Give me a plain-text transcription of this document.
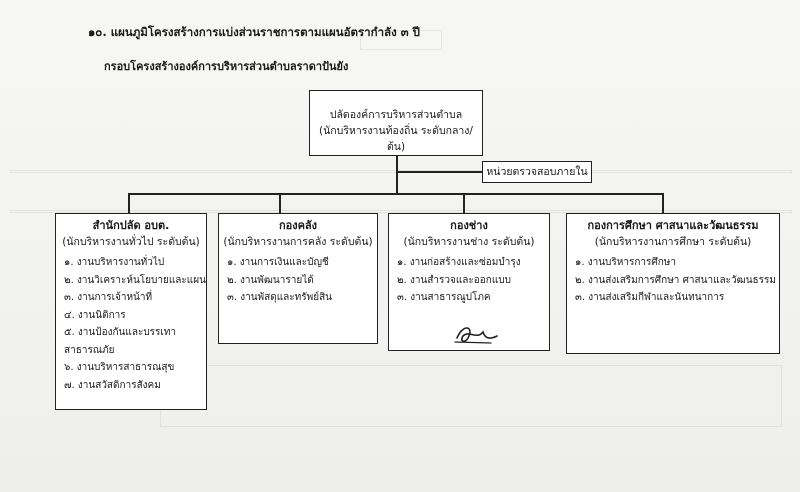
๑๐. แผนภูมิโครงสร้างการแบ่งส่วนราชการตามแผนอัตรากำลัง ๓ ปี
กรอบโครงสร้างองค์การบริหารส่วนตำบลราดาปันยัง
ปลัดองค์การบริหารส่วนตำบล
(นักบริหารงานท้องถิ่น ระดับกลาง/ต้น)
หน่วยตรวจสอบภายใน
สำนักปลัด อบต.
(นักบริหารงานทั่วไป ระดับต้น)
๑. งานบริหารงานทั่วไป
๒. งานวิเคราะห์นโยบายและแผน
๓. งานการเจ้าหน้าที่
๔. งานนิติการ
๕. งานป้องกันและบรรเทา
สาธารณภัย
๖. งานบริหารสาธารณสุข
๗. งานสวัสดิการสังคม
กองคลัง
(นักบริหารงานการคลัง ระดับต้น)
๑. งานการเงินและบัญชี
๒. งานพัฒนารายได้
๓. งานพัสดุและทรัพย์สิน
กองช่าง
(นักบริหารงานช่าง ระดับต้น)
๑. งานก่อสร้างและซ่อมบำรุง
๒. งานสำรวจและออกแบบ
๓. งานสาธารณูปโภค
กองการศึกษา ศาสนาและวัฒนธรรม
(นักบริหารงานการศึกษา ระดับต้น)
๑. งานบริหารการศึกษา
๒. งานส่งเสริมการศึกษา ศาสนาและวัฒนธรรม
๓. งานส่งเสริมกีฬาและนันทนาการ
